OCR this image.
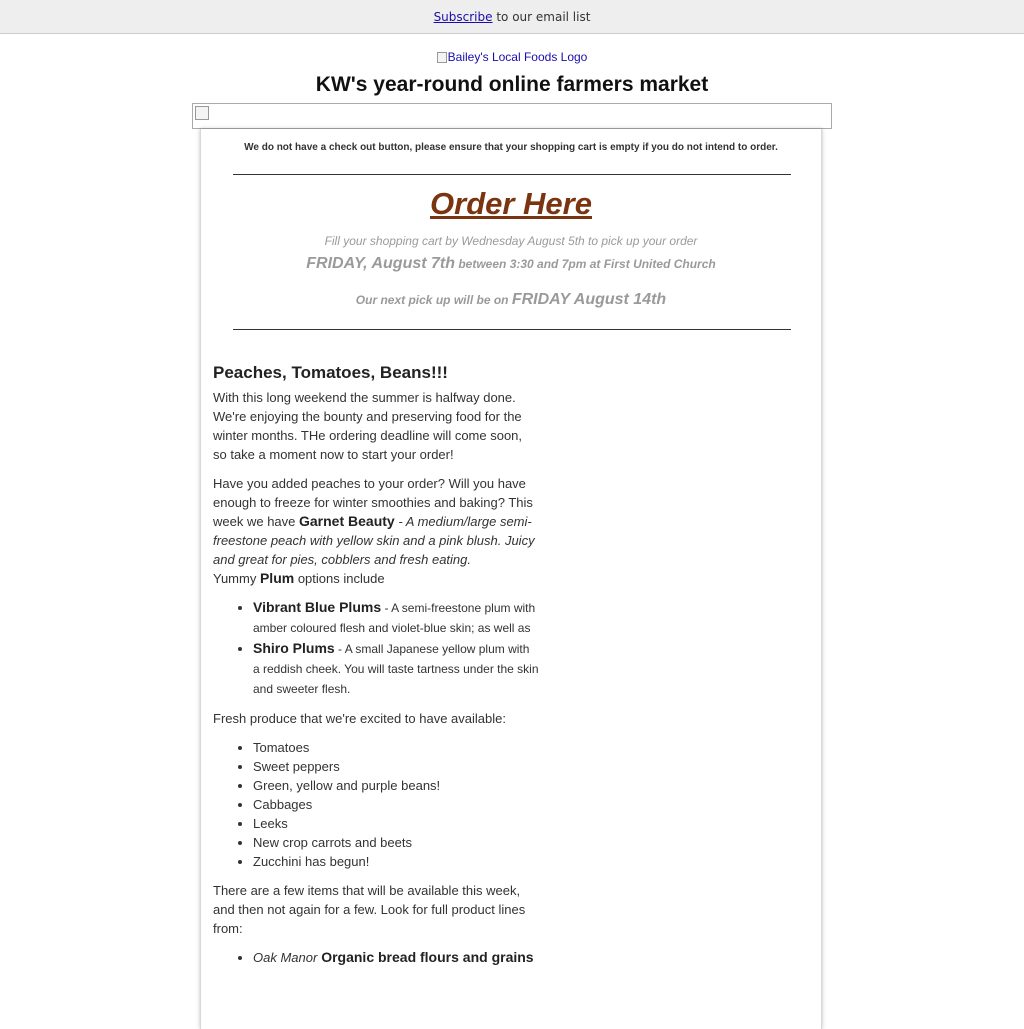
Subscribe to our email list
Bailey's Local Foods Logo
KW's year-round online farmers market
We do not have a check out button, please ensure that your shopping cart is empty if you do not intend to order.
Order Here
Fill your shopping cart by Wednesday August 5th to pick up your order
FRIDAY, August 7th between 3:30 and 7pm at First United Church
Our next pick up will be on FRIDAY August 14th
Peaches, Tomatoes, Beans!!!

With this long weekend the summer is halfway done. We're enjoying the bounty and preserving food for the winter months. THe ordering deadline will come soon, so take a moment now to start your order!

Have you added peaches to your order? Will you have enough to freeze for winter smoothies and baking? This week we have Garnet Beauty - A medium/large semi-freestone peach with yellow skin and a pink blush. Juicy and great for pies, cobblers and fresh eating.
Yummy Plum options include

• Vibrant Blue Plums - A semi-freestone plum with amber coloured flesh and violet-blue skin; as well as
• Shiro Plums - A small Japanese yellow plum with a reddish cheek. You will taste tartness under the skin and sweeter flesh.

Fresh produce that we're excited to have available:

• Tomatoes
• Sweet peppers
• Green, yellow and purple beans!
• Cabbages
• Leeks
• New crop carrots and beets
• Zucchini has begun!

There are a few items that will be available this week, and then not again for a few. Look for full product lines from:

• Oak Manor Organic bread flours and grains
